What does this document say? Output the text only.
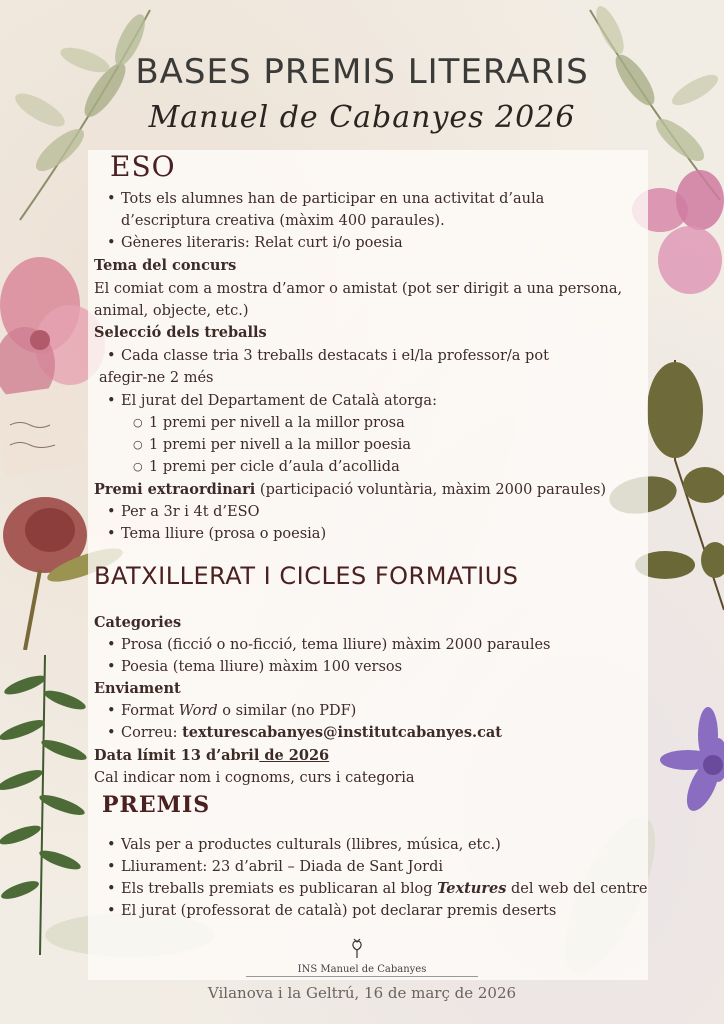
BASES PREMIS LITERARIS
Manuel de Cabanyes 2026
ESO
• Tots els alumnes han de participar en una activitat d’aula
d’escriptura creativa (màxim 400 paraules).
• Gèneres literaris: Relat curt i/o poesia
Tema del concurs
El comiat com a mostra d’amor o amistat (pot ser dirigit a una persona,
animal, objecte, etc.)
Selecció dels treballs
• Cada classe tria 3 treballs destacats i el/la professor/a pot
afegir-ne 2 més
• El jurat del Departament de Català atorga:
○ 1 premi per nivell a la millor prosa
○ 1 premi per nivell a la millor poesia
○ 1 premi per cicle d’aula d’acollida
Premi extraordinari (participació voluntària, màxim 2000 paraules)
• Per a 3r i 4t d’ESO
• Tema lliure (prosa o poesia)
BATXILLERAT I CICLES FORMATIUS
Categories
• Prosa (ficció o no-ficció, tema lliure) màxim 2000 paraules
• Poesia (tema lliure) màxim 100 versos
Enviament
• Format Word o similar (no PDF)
• Correu: texturescabanyes@institutcabanyes.cat
Data límit 13 d’abril de 2026
Cal indicar nom i cognoms, curs i categoria
PREMIS
• Vals per a productes culturals (llibres, música, etc.)
• Lliurament: 23 d’abril – Diada de Sant Jordi
• Els treballs premiats es publicaran al blog Textures del web del centre
• El jurat (professorat de català) pot declarar premis deserts
INS Manuel de Cabanyes
Vilanova i la Geltrú, 16 de març de 2026
